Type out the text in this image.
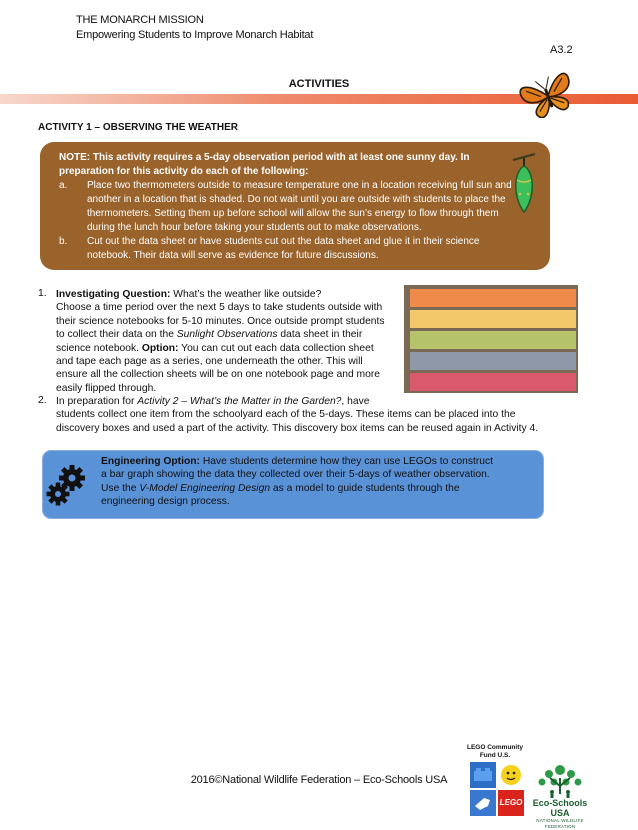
THE MONARCH MISSION
Empowering Students to Improve Monarch Habitat
A3.2
ACTIVITIES
ACTIVITY 1 – OBSERVING THE WEATHER
NOTE: This activity requires a 5-day observation period with at least one sunny day. In preparation for this activity do each of the following:
a. Place two thermometers outside to measure temperature one in a location receiving full sun and another in a location that is shaded. Do not wait until you are outside with students to place the thermometers. Setting them up before school will allow the sun’s energy to flow through them during the lunch hour before taking your students out to make observations.
b. Cut out the data sheet or have students cut out the data sheet and glue it in their science notebook. Their data will serve as evidence for future discussions.
1. Investigating Question: What’s the weather like outside?
Choose a time period over the next 5 days to take students outside with
their science notebooks for 5-10 minutes. Once outside prompt students
to collect their data on the Sunlight Observations data sheet in their
science notebook. Option: You can cut out each data collection sheet
and tape each page as a series, one underneath the other. This will
ensure all the collection sheets will be on one notebook page and more
easily flipped through.
2. In preparation for Activity 2 – What’s the Matter in the Garden?, have
students collect one item from the schoolyard each of the 5-days. These items can be placed into the
discovery boxes and used a part of the activity. This discovery box items can be reused again in Activity 4.
Engineering Option: Have students determine how they can use LEGOs to construct
a bar graph showing the data they collected over their 5-days of weather observation.
Use the V-Model Engineering Design as a model to guide students through the
engineering design process.
2016©National Wildlife Federation – Eco-Schools USA
LEGO Community
Fund U.S.
LEGO	Eco-Schools USA
NATIONAL WILDLIFE FEDERATION
